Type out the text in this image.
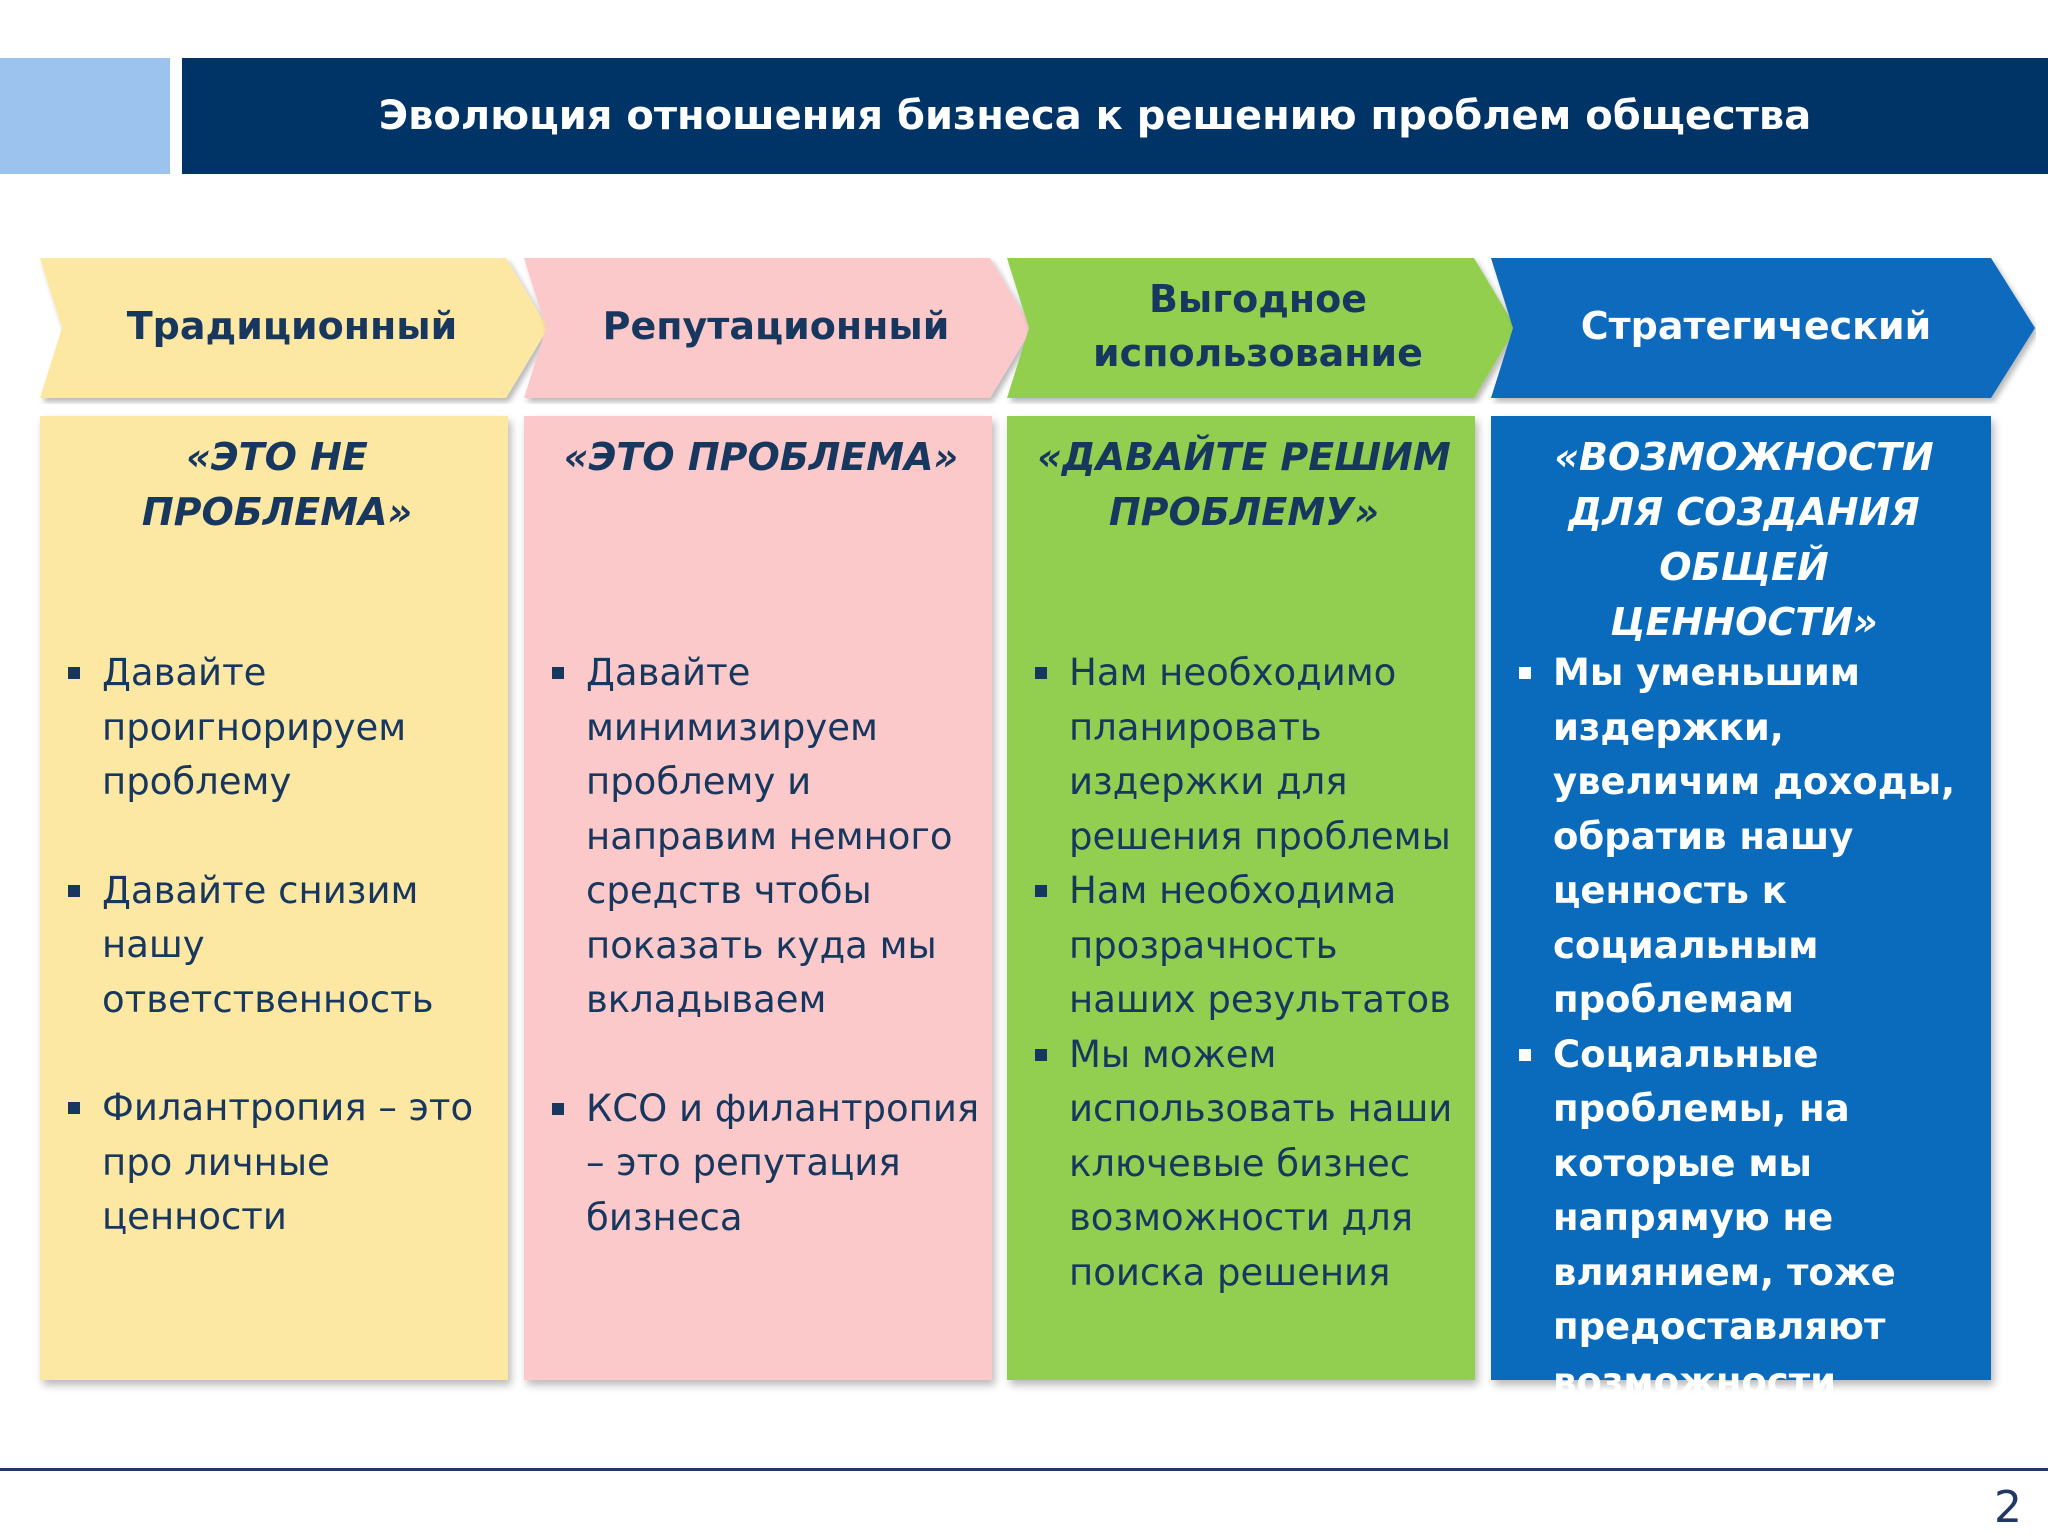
Эволюция отношения бизнеса к решению проблем общества
Традиционный	Репутационный
Выгодное
использование
Стратегический

«ЭТО НЕ ПРОБЛЕМА»

Давайте проигнорируем проблему
Давайте снизим нашу ответственность
Филантропия – это про личные ценности

«ЭТО ПРОБЛЕМА»

Давайте минимизируем проблему и направим немного средств чтобы показать куда мы вкладываем
КСО и филантропия – это репутация бизнеса

«ДАВАЙТЕ РЕШИМ ПРОБЛЕМУ»

Нам необходимо планировать издержки для решения проблемы
Нам необходима прозрачность наших результатов
Мы можем использовать наши ключевые бизнес возможности для поиска решения

«ВОЗМОЖНОСТИ ДЛЯ СОЗДАНИЯ ОБЩЕЙ ЦЕННОСТИ»

Мы уменьшим издержки, увеличим доходы, обратив нашу ценность к социальным проблемам
Социальные проблемы, на которые мы напрямую не влиянием, тоже предоставляют возможности
2
